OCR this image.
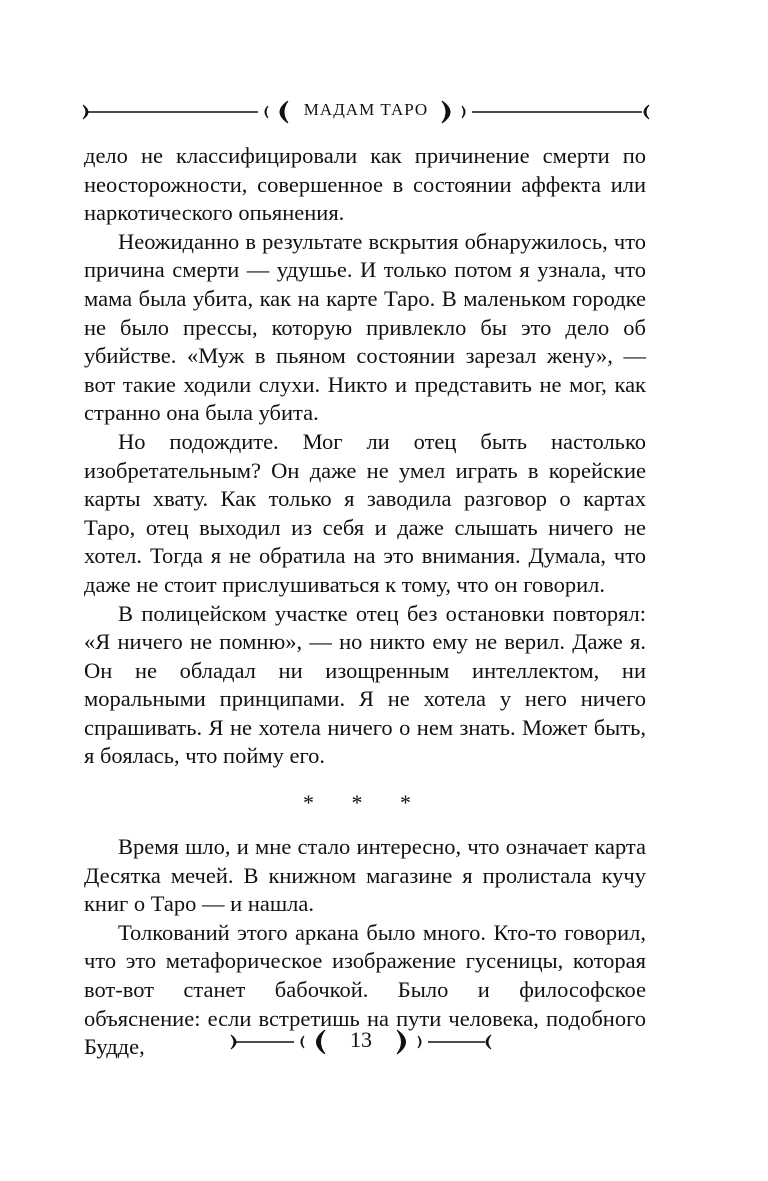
МАДАМ ТАРО

дело не классифицировали как причинение смерти по неосторожности, совершенное в состоянии аффекта или наркотического опьянения.

Неожиданно в результате вскрытия обнаружилось, что причина смерти — удушье. И только потом я узнала, что мама была убита, как на карте Таро. В маленьком городке не было прессы, которую привлекло бы это дело об убийстве. «Муж в пьяном состоянии зарезал жену», — вот такие ходили слухи. Никто и представить не мог, как странно она была убита.

Но подождите. Мог ли отец быть настолько изобретательным? Он даже не умел играть в корейские карты хвату. Как только я заводила разговор о картах Таро, отец выходил из себя и даже слышать ничего не хотел. Тогда я не обратила на это внимания. Думала, что даже не стоит прислушиваться к тому, что он говорил.

В полицейском участке отец без остановки повторял: «Я ничего не помню», — но никто ему не верил. Даже я. Он не обладал ни изощренным интеллектом, ни моральными принципами. Я не хотела у него ничего спрашивать. Я не хотела ничего о нем знать. Может быть, я боялась, что пойму его.

Время шло, и мне стало интересно, что означает карта Десятка мечей. В книжном магазине я пролистала кучу книг о Таро — и нашла.

Толкований этого аркана было много. Кто-то говорил, что это метафорическое изображение гусеницы, которая вот-вот станет бабочкой. Было и философское объяснение: если встретишь на пути человека, подобного Будде,

* * *
13
